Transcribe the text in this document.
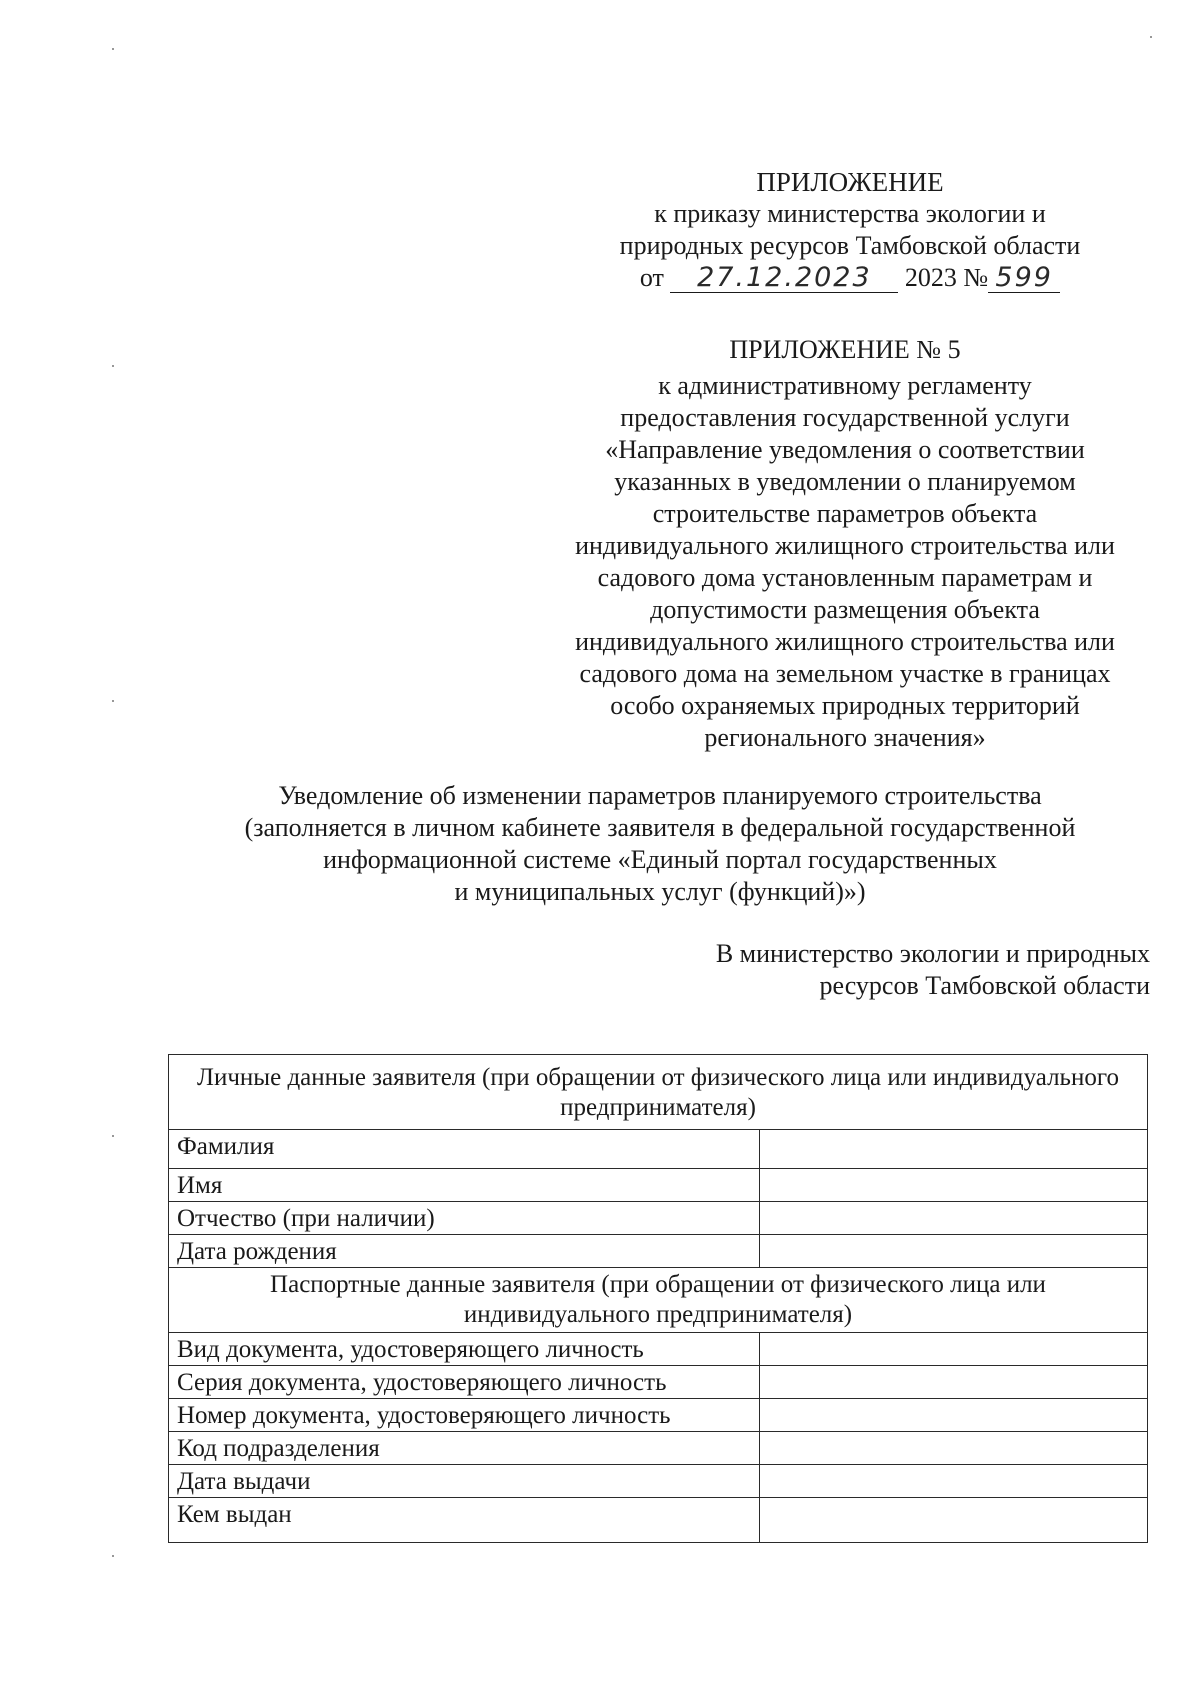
ПРИЛОЖЕНИЕ
к приказу министерства экологии и
природных ресурсов Тамбовской области
от 27.12.2023 2023 № 599
ПРИЛОЖЕНИЕ № 5
к административному регламенту
предоставления государственной услуги
«Направление уведомления о соответствии
указанных в уведомлении о планируемом
строительстве параметров объекта
индивидуального жилищного строительства или
садового дома установленным параметрам и
допустимости размещения объекта
индивидуального жилищного строительства или
садового дома на земельном участке в границах
особо охраняемых природных территорий
регионального значения»
Уведомление об изменении параметров планируемого строительства
(заполняется в личном кабинете заявителя в федеральной государственной
информационной системе «Единый портал государственных
и муниципальных услуг (функций)»)
В министерство экологии и природных
ресурсов Тамбовской области
Личные данные заявителя (при обращении от физического лица или индивидуального предпринимателя)	
Фамилия	
Имя	
Отчество (при наличии)	
Дата рождения	
Паспортные данные заявителя (при обращении от физического лица или индивидуального предпринимателя)	
Вид документа, удостоверяющего личность	
Серия документа, удостоверяющего личность	
Номер документа, удостоверяющего личность	
Код подразделения	
Дата выдачи	
Кем выдан	
